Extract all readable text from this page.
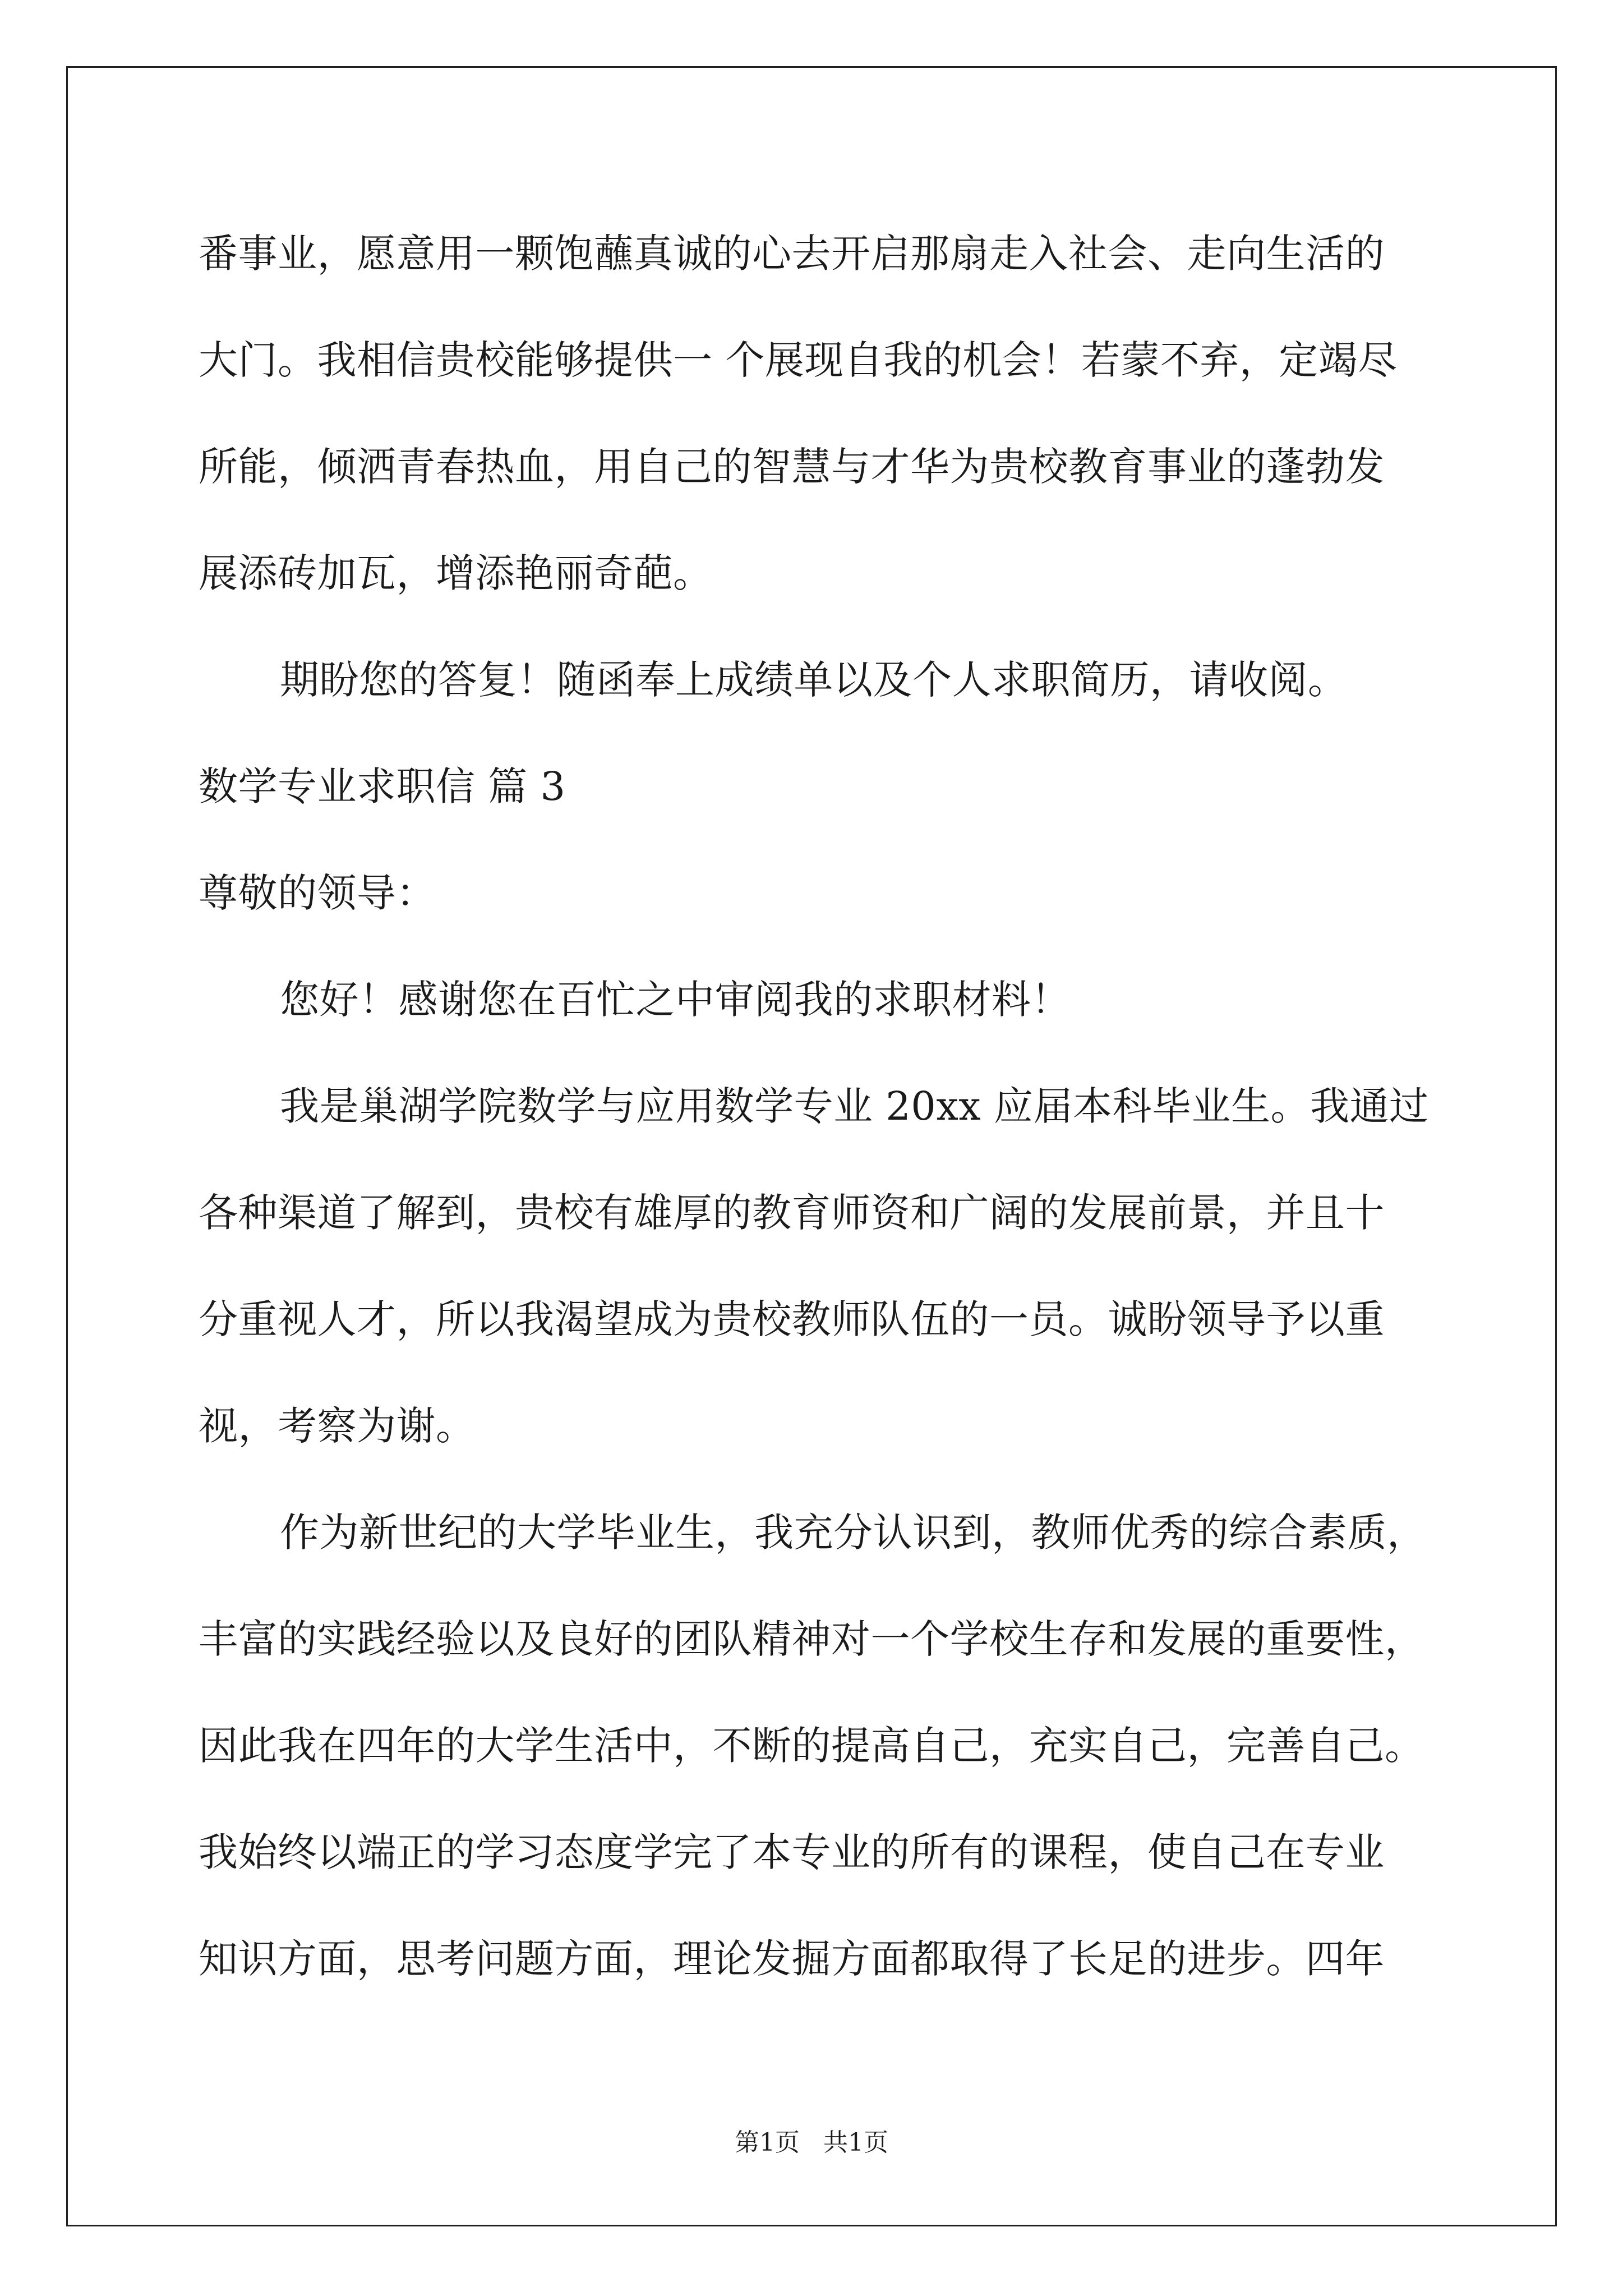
番事业，愿意用一颗饱蘸真诚的心去开启那扇走入社会、走向生活的
大门。我相信贵校能够提供一 个展现自我的机会！若蒙不弃，定竭尽
所能，倾洒青春热血，用自己的智慧与才华为贵校教育事业的蓬勃发
展添砖加瓦，增添艳丽奇葩。
期盼您的答复！随函奉上成绩单以及个人求职简历，请收阅。
数学专业求职信 篇 3
尊敬的领导：
您好！感谢您在百忙之中审阅我的求职材料！
我是巢湖学院数学与应用数学专业 20xx 应届本科毕业生。我通过
各种渠道了解到，贵校有雄厚的教育师资和广阔的发展前景，并且十
分重视人才，所以我渴望成为贵校教师队伍的一员。诚盼领导予以重
视，考察为谢。
作为新世纪的大学毕业生，我充分认识到，教师优秀的综合素质，
丰富的实践经验以及良好的团队精神对一个学校生存和发展的重要性，
因此我在四年的大学生活中，不断的提高自己，充实自己，完善自己。
我始终以端正的学习态度学完了本专业的所有的课程，使自己在专业
知识方面，思考问题方面，理论发掘方面都取得了长足的进步。四年
第1页   共1页
